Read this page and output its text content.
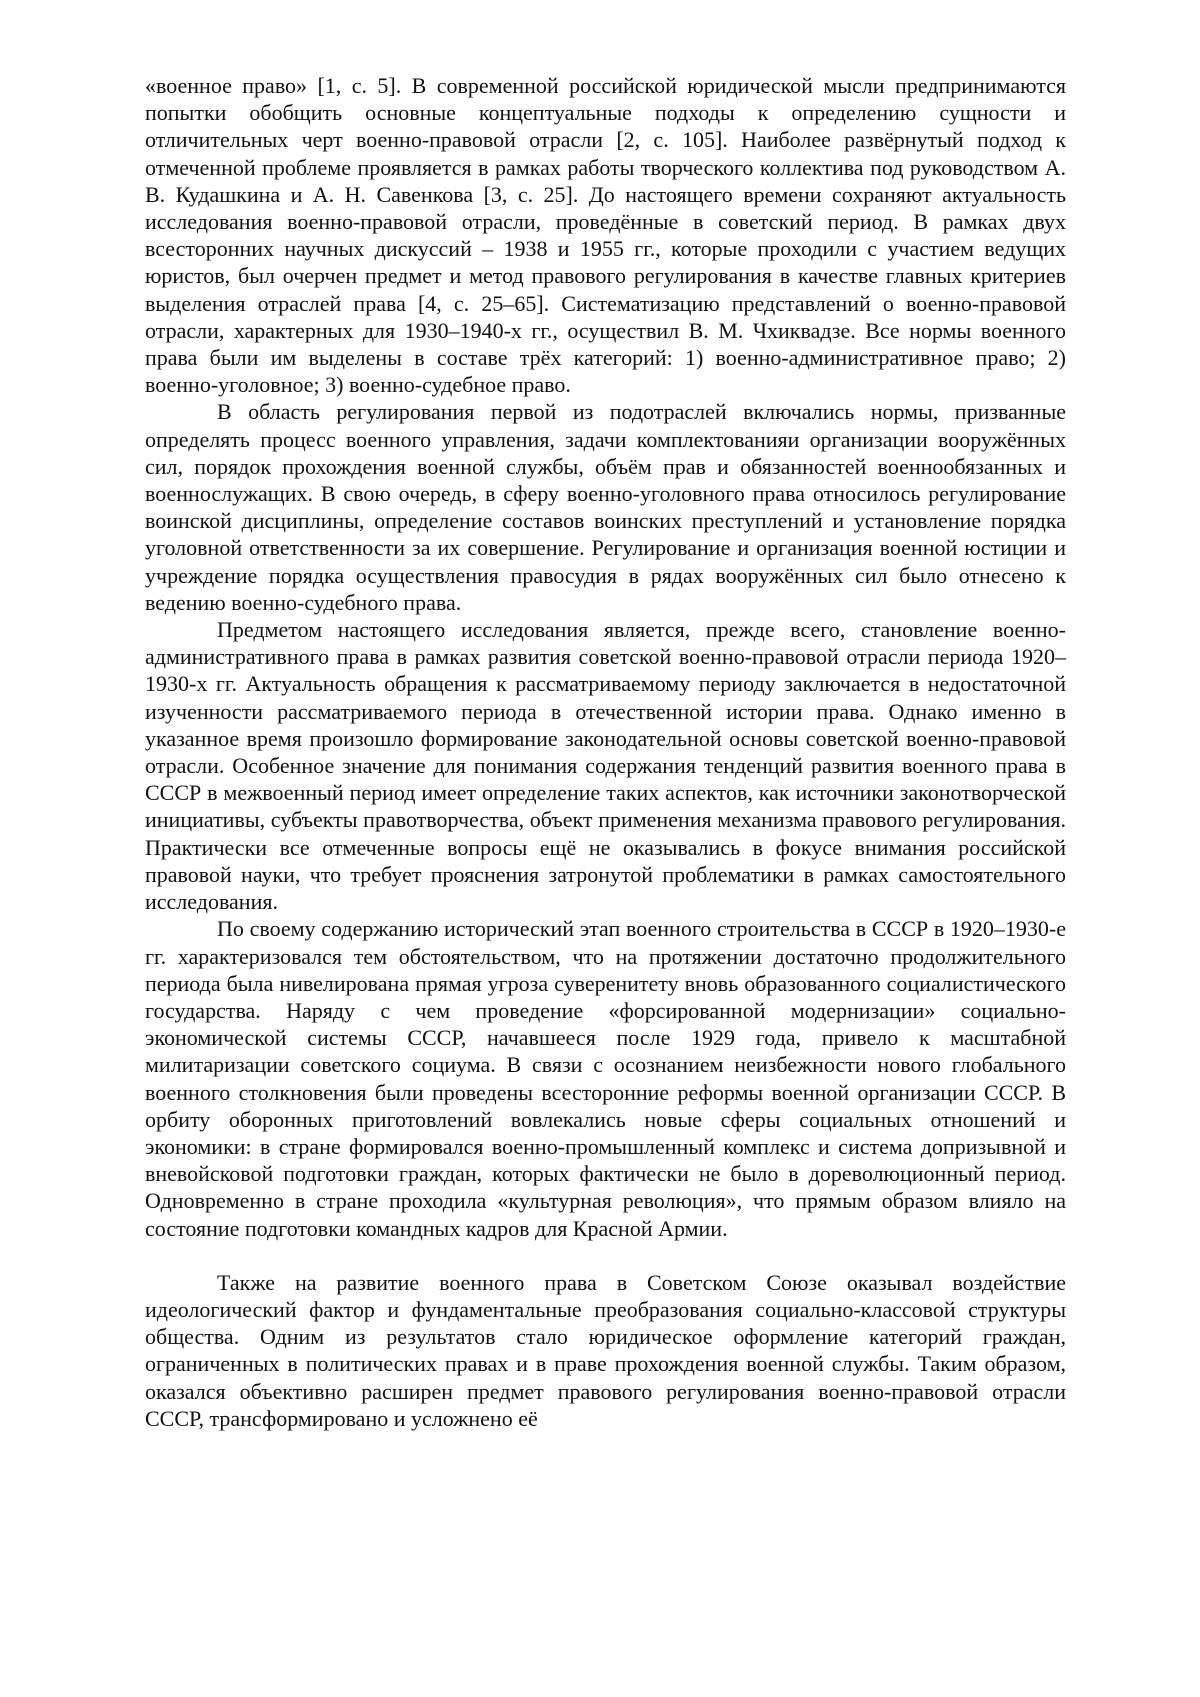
«военное право» [1, с. 5]. В современной российской юридической мысли предпринимаются попытки обобщить основные концептуальные подходы к определению сущности и отличительных черт военно-правовой отрасли [2, с. 105]. Наиболее развёрнутый подход к отмеченной проблеме проявляется в рамках работы творческого коллектива под руководством А. В. Кудашкина и А. Н. Савенкова [3, с. 25]. До настоящего времени сохраняют актуальность исследования военно-правовой отрасли, проведённые в советский период. В рамках двух всесторонних научных дискуссий – 1938 и 1955 гг., которые проходили с участием ведущих юристов, был очерчен предмет и метод правового регулирования в качестве главных критериев выделения отраслей права [4, с. 25–65]. Систематизацию представлений о военно-правовой отрасли, характерных для 1930–1940-х гг., осуществил В. М. Чхиквадзе. Все нормы военного права были им выделены в составе трёх категорий: 1) военно-административное право; 2) военно-уголовное; 3) военно-судебное право.

В область регулирования первой из подотраслей включались нормы, призванные определять процесс военного управления, задачи комплектованияи организации вооружённых сил, порядок прохождения военной службы, объём прав и обязанностей военнообязанных и военнослужащих. В свою очередь, в сферу военно-уголовного права относилось регулирование воинской дисциплины, определение составов воинских преступлений и установление порядка уголовной ответственности за их совершение. Регулирование и организация военной юстиции и учреждение порядка осуществления правосудия в рядах вооружённых сил было отнесено к ведению военно-судебного права.

Предметом настоящего исследования является, прежде всего, становление военно-административного права в рамках развития советской военно-правовой отрасли периода 1920–1930-х гг. Актуальность обращения к рассматриваемому периоду заключается в недостаточной изученности рассматриваемого периода в отечественной истории права. Однако именно в указанное время произошло формирование законодательной основы советской военно-правовой отрасли. Особенное значение для понимания содержания тенденций развития военного права в СССР в межвоенный период имеет определение таких аспектов, как источники законотворческой инициативы, субъекты правотворчества, объект применения механизма правового регулирования. Практически все отмеченные вопросы ещё не оказывались в фокусе внимания российской правовой науки, что требует прояснения затронутой проблематики в рамках самостоятельного исследования.

По своему содержанию исторический этап военного строительства в СССР в 1920–1930-е гг. характеризовался тем обстоятельством, что на протяжении достаточно продолжительного периода была нивелирована прямая угроза суверенитету вновь образованного социалистического государства. Наряду с чем проведение «форсированной модернизации» социально-экономической системы СССР, начавшееся после 1929 года, привело к масштабной милитаризации советского социума. В связи с осознанием неизбежности нового глобального военного столкновения были проведены всесторонние реформы военной организации СССР. В орбиту оборонных приготовлений вовлекались новые сферы социальных отношений и экономики: в стране формировался военно-промышленный комплекс и система допризывной и вневойсковой подготовки граждан, которых фактически не было в дореволюционный период. Одновременно в стране проходила «культурная революция», что прямым образом влияло на состояние подготовки командных кадров для Красной Армии.

Также на развитие военного права в Советском Союзе оказывал воздействие идеологический фактор и фундаментальные преобразования социально-классовой структуры общества. Одним из результатов стало юридическое оформление категорий граждан, ограниченных в политических правах и в праве прохождения военной службы. Таким образом, оказался объективно расширен предмет правового регулирования военно-правовой отрасли СССР, трансформировано и усложнено её
